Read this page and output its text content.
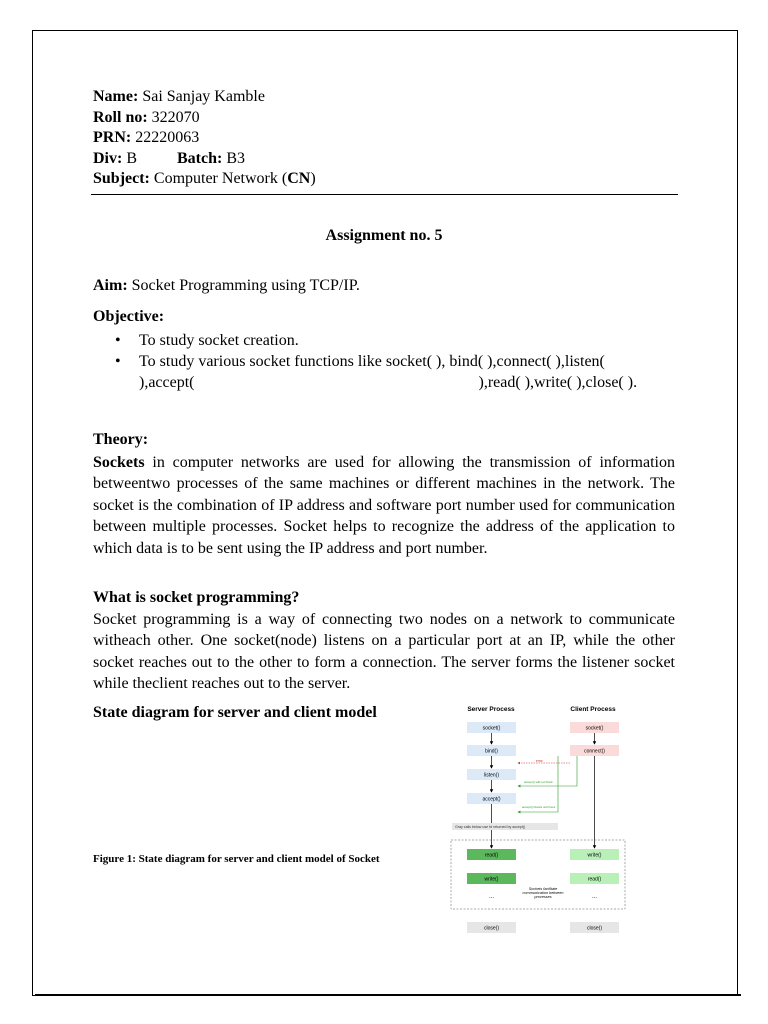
Name: Sai Sanjay Kamble
Roll no: 322070
PRN: 22220063
Div: B	Batch: B3
Subject: Computer Network (CN)
Assignment no. 5
Aim: Socket Programming using TCP/IP.
Objective:
• To study socket creation.
• To study various socket functions like socket( ), bind( ),connect( ),listen( ),accept(                                                                       ),read( ),write( ),close( ).
Theory:
Sockets in computer networks are used for allowing the transmission of information betweentwo processes of the same machines or different machines in the network. The socket is the combination of IP address and software port number used for communication between multiple processes. Socket helps to recognize the address of the application to which data is to be sent using the IP address and port number.
What is socket programming?
Socket programming is a way of connecting two nodes on a network to communicate witheach other. One socket(node) listens on a particular port at an IP, while the other socket reaches out to the other to form a connection. The server forms the listener socket while theclient reaches out to the server.
State diagram for server and client model
Figure 1: State diagram for server and client model of Socket
Server Process	Client Process
socket()
bind()
listen()
accept()
socket()
connect()
error
accept() will not block
accept() blocks until here
Gray calls below use fd returned by accept()
read()	write()
write()	read()
...	...
Sockets facilitate communication between processes
close()	close()
